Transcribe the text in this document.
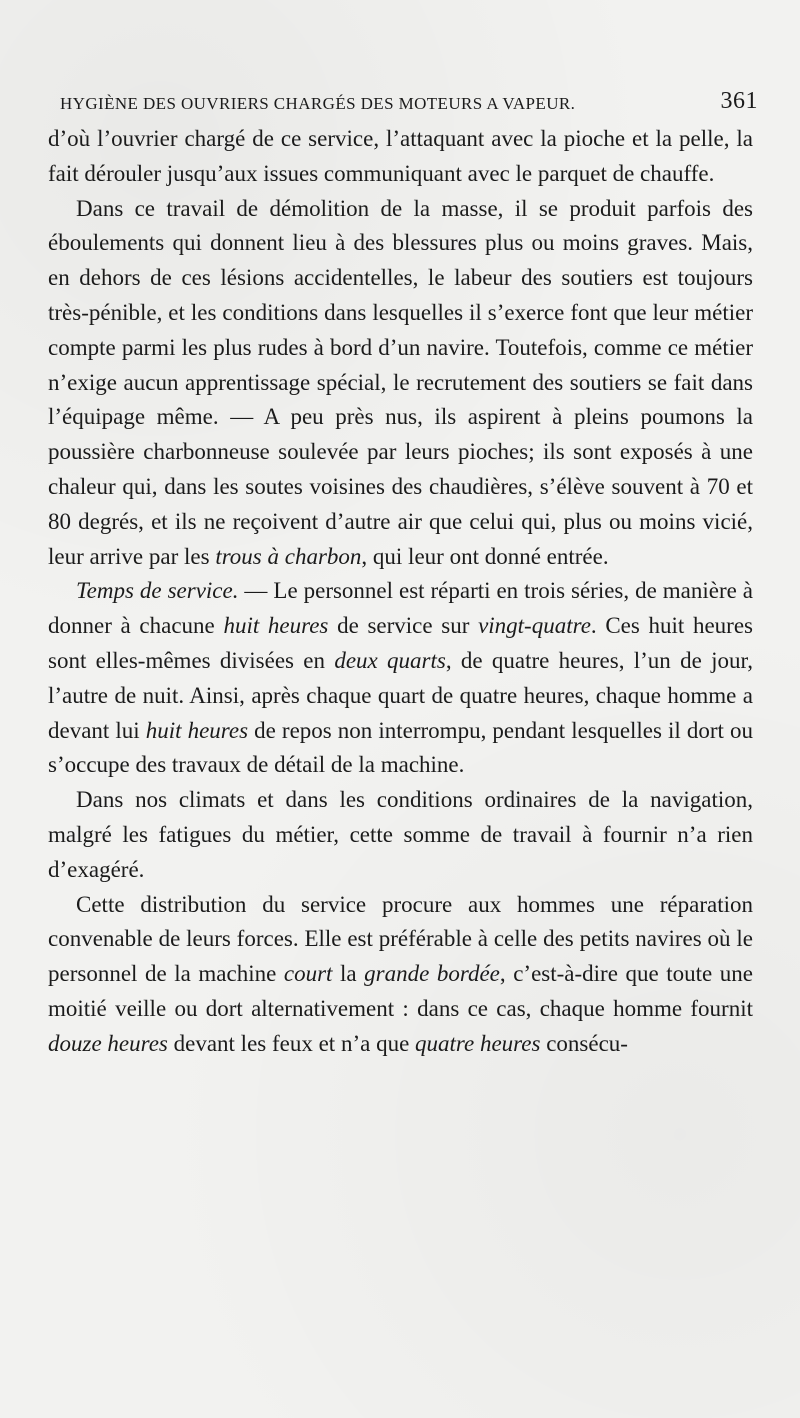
HYGIÈNE DES OUVRIERS CHARGÉS DES MOTEURS A VAPEUR.	361

d’où l’ouvrier chargé de ce service, l’attaquant avec la pioche et la pelle, la fait dérouler jusqu’aux issues communiquant avec le parquet de chauffe.

Dans ce travail de démolition de la masse, il se produit parfois des éboulements qui donnent lieu à des blessures plus ou moins graves. Mais, en dehors de ces lésions accidentelles, le labeur des soutiers est toujours très-pénible, et les conditions dans lesquelles il s’exerce font que leur métier compte parmi les plus rudes à bord d’un navire. Toutefois, comme ce métier n’exige aucun apprentissage spécial, le recrutement des soutiers se fait dans l’équipage même. — A peu près nus, ils aspirent à pleins poumons la poussière charbonneuse soulevée par leurs pioches; ils sont exposés à une chaleur qui, dans les soutes voisines des chaudières, s’élève souvent à 70 et 80 degrés, et ils ne reçoivent d’autre air que celui qui, plus ou moins vicié, leur arrive par les trous à charbon, qui leur ont donné entrée.

Temps de service. — Le personnel est réparti en trois séries, de manière à donner à chacune huit heures de service sur vingt-quatre. Ces huit heures sont elles-mêmes divisées en deux quarts, de quatre heures, l’un de jour, l’autre de nuit. Ainsi, après chaque quart de quatre heures, chaque homme a devant lui huit heures de repos non interrompu, pendant lesquelles il dort ou s’occupe des travaux de détail de la machine.

Dans nos climats et dans les conditions ordinaires de la navigation, malgré les fatigues du métier, cette somme de travail à fournir n’a rien d’exagéré.

Cette distribution du service procure aux hommes une réparation convenable de leurs forces. Elle est préférable à celle des petits navires où le personnel de la machine court la grande bordée, c’est-à-dire que toute une moitié veille ou dort alternativement : dans ce cas, chaque homme fournit douze heures devant les feux et n’a que quatre heures consécu-
